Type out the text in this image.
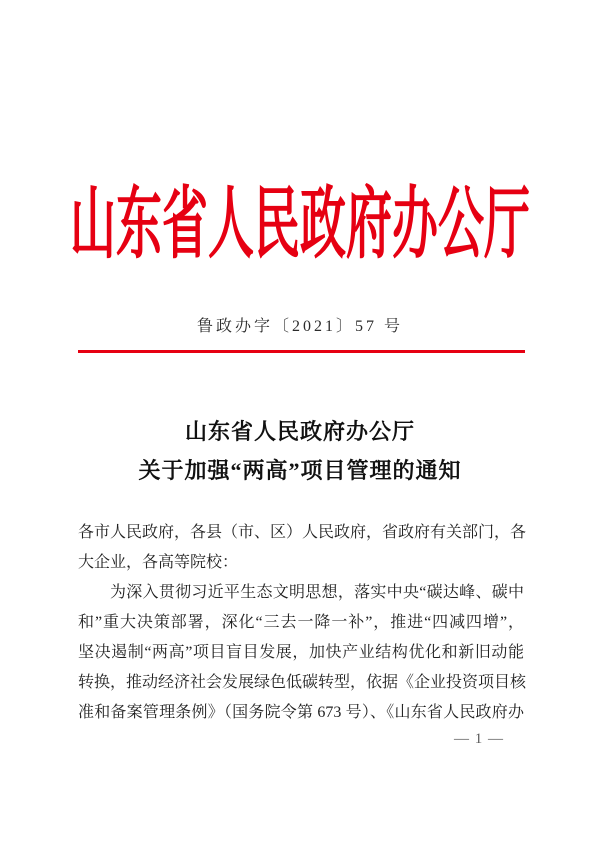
山东省人民政府办公厅
鲁政办字〔2021〕57 号
山东省人民政府办公厅
关于加强“两高”项目管理的通知
各市人民政府，各县（市、区）人民政府，省政府有关部门，各
大企业，各高等院校：
为深入贯彻习近平生态文明思想，落实中央“碳达峰、碳中
和”重大决策部署，深化“三去一降一补”，推进“四减四增”，
坚决遏制“两高”项目盲目发展，加快产业结构优化和新旧动能
转换，推动经济社会发展绿色低碳转型，依据《企业投资项目核
准和备案管理条例》（国务院令第 673 号）、《山东省人民政府办
— 1 —
